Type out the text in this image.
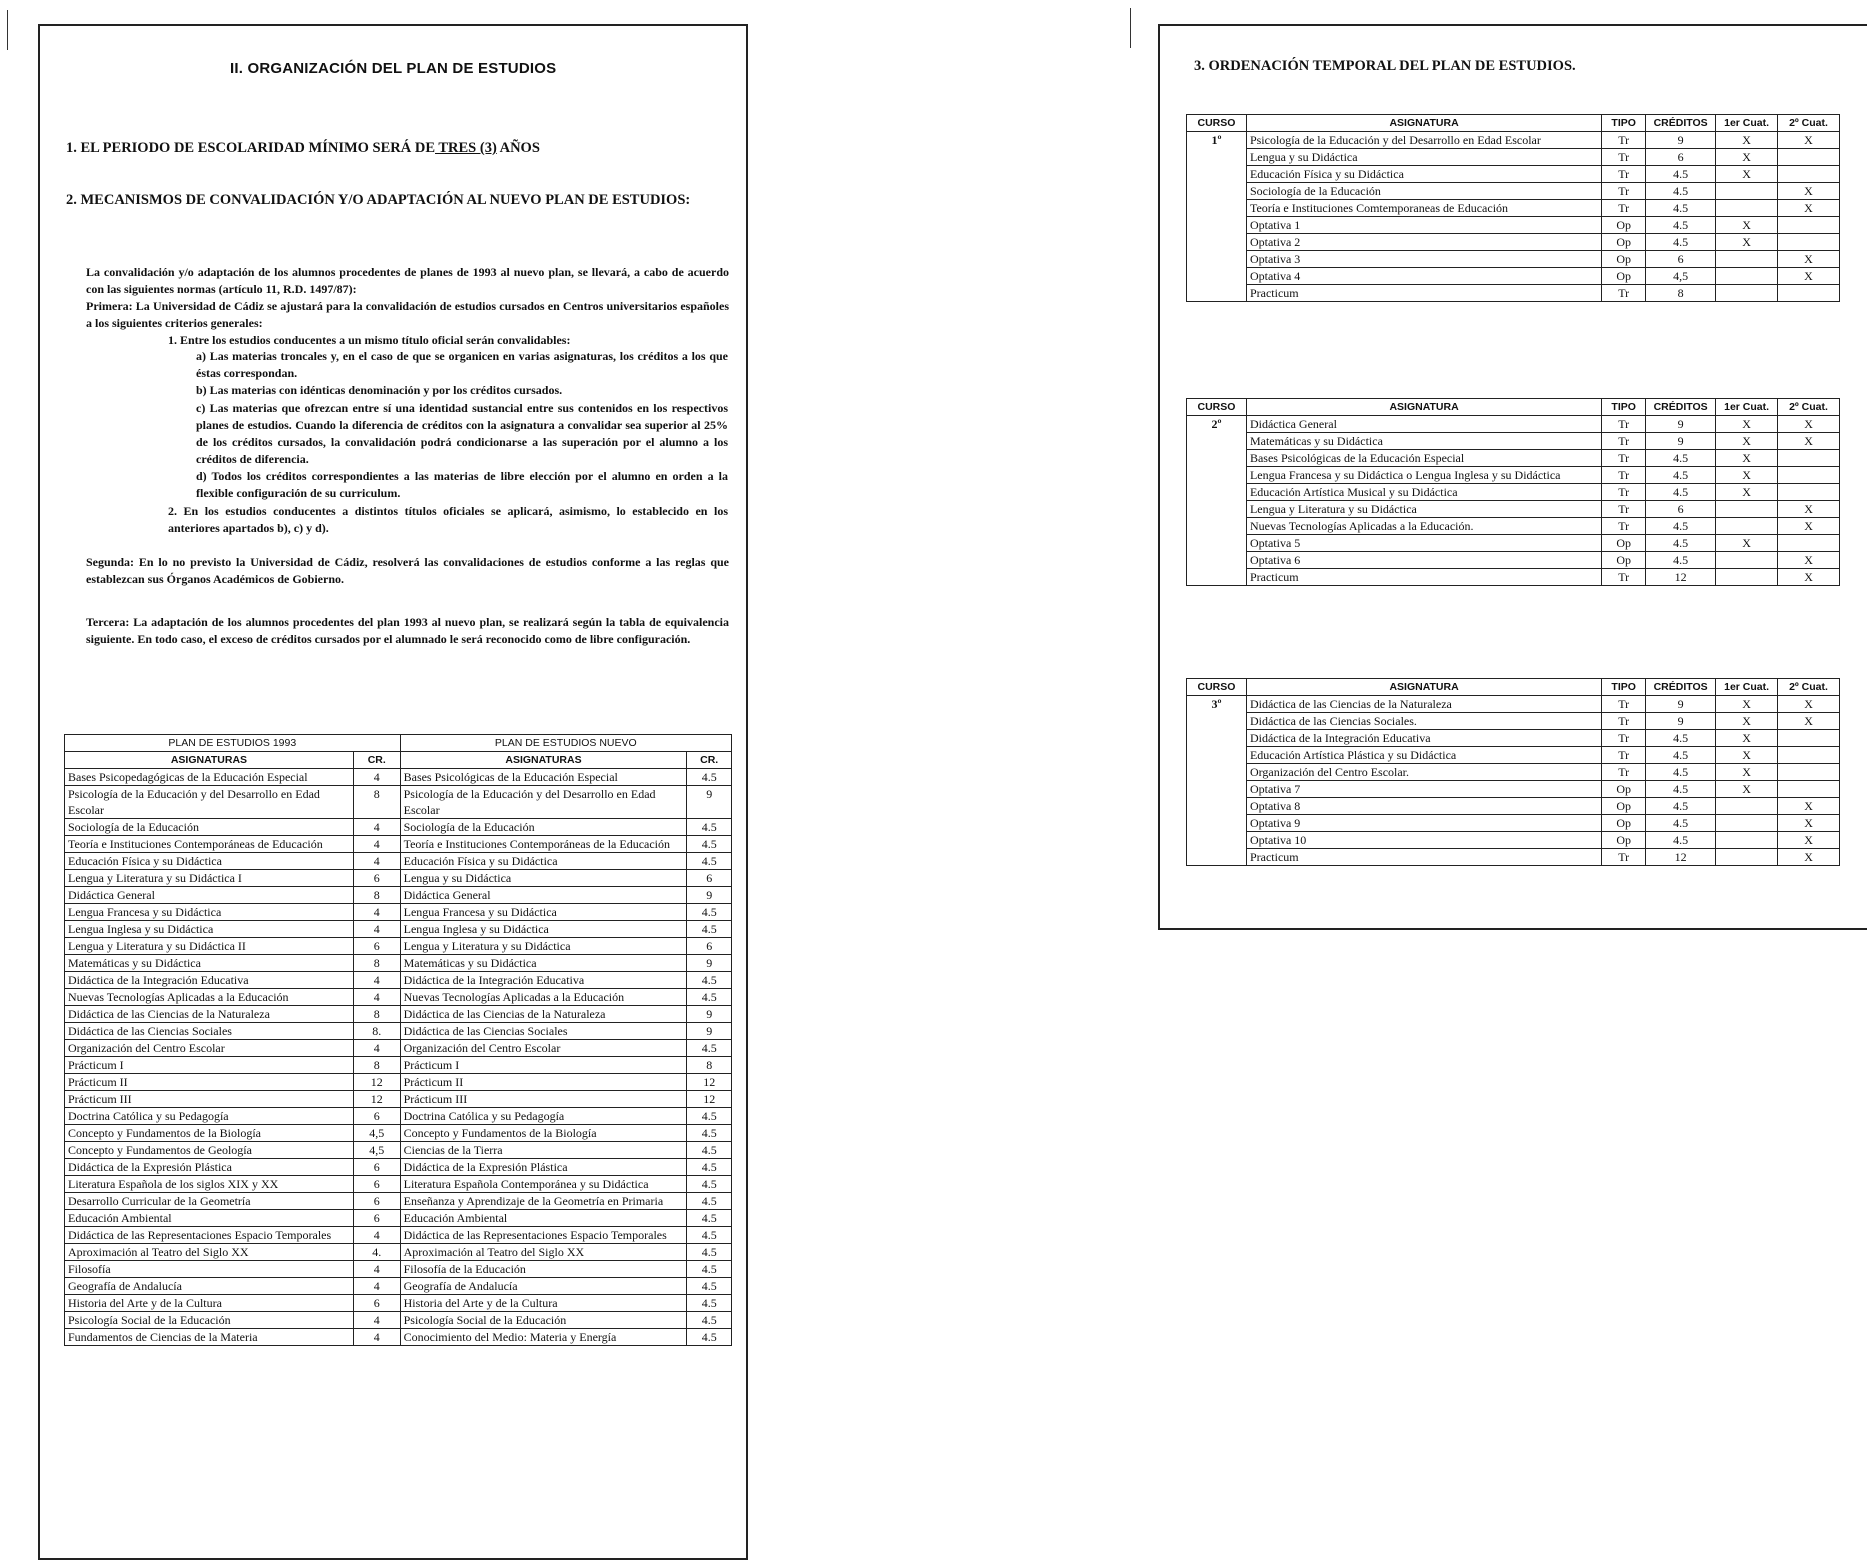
II. ORGANIZACIÓN DEL PLAN DE ESTUDIOS
1. EL PERIODO DE ESCOLARIDAD MÍNIMO SERÁ DE TRES (3) AÑOS
2. MECANISMOS DE CONVALIDACIÓN Y/O ADAPTACIÓN AL NUEVO PLAN DE ESTUDIOS:
La convalidación y/o adaptación de los alumnos procedentes de planes de 1993 al nuevo plan, se llevará, a cabo de acuerdo con las siguientes normas (artículo 11, R.D. 1497/87):
Primera: La Universidad de Cádiz se ajustará para la convalidación de estudios cursados en Centros universitarios españoles a los siguientes criterios generales:
1. Entre los estudios conducentes a un mismo título oficial serán convalidables:
a) Las materias troncales y, en el caso de que se organicen en varias asignaturas, los créditos a los que éstas correspondan.
b) Las materias con idénticas denominación y por los créditos cursados.
c) Las materias que ofrezcan entre sí una identidad sustancial entre sus contenidos en los respectivos planes de estudios. Cuando la diferencia de créditos con la asignatura a convalidar sea superior al 25% de los créditos cursados, la convalidación podrá condicionarse a las superación por el alumno a los créditos de diferencia.
d) Todos los créditos correspondientes a las materias de libre elección por el alumno en orden a la flexible configuración de su curriculum.
2. En los estudios conducentes a distintos títulos oficiales se aplicará, asimismo, lo establecido en los anteriores apartados b), c) y d).
Segunda: En lo no previsto la Universidad de Cádiz, resolverá las convalidaciones de estudios conforme a las reglas que establezcan sus Órganos Académicos de Gobierno.
Tercera: La adaptación de los alumnos procedentes del plan 1993 al nuevo plan, se realizará según la tabla de equivalencia siguiente. En todo caso, el exceso de créditos cursados por el alumnado le será reconocido como de libre configuración.
PLAN DE ESTUDIOS 1993		PLAN DE ESTUDIOS NUEVO	
ASIGNATURAS	CR.	ASIGNATURAS	CR.
Bases Psicopedagógicas de la Educación Especial	4	Bases Psicológicas de la Educación Especial	4.5
Psicología de la Educación y del Desarrollo en Edad Escolar	8	Psicología de la Educación y del Desarrollo en Edad Escolar	9
Sociología de la Educación	4	Sociología de la Educación	4.5
Teoría e Instituciones Contemporáneas de Educación	4	Teoría e Instituciones Contemporáneas de la Educación	4.5
Educación Física y su Didáctica	4	Educación Física y su Didáctica	4.5
Lengua y Literatura y su Didáctica I	6	Lengua y su Didáctica	6
Didáctica General	8	Didáctica General	9
Lengua Francesa y su Didáctica	4	Lengua Francesa y su Didáctica	4.5
Lengua Inglesa y su Didáctica	4	Lengua Inglesa y su Didáctica	4.5
Lengua y Literatura y su Didáctica II	6	Lengua y Literatura y su Didáctica	6
Matemáticas y su Didáctica	8	Matemáticas y su Didáctica	9
Didáctica de la Integración Educativa	4	Didáctica de la Integración Educativa	4.5
Nuevas Tecnologías Aplicadas a la Educación	4	Nuevas Tecnologías Aplicadas a la Educación	4.5
Didáctica de las Ciencias de la Naturaleza	8	Didáctica de las Ciencias de la Naturaleza	9
Didáctica de las Ciencias Sociales	8.	Didáctica de las Ciencias Sociales	9
Organización del Centro Escolar	4	Organización del Centro Escolar	4.5
Prácticum I	8	Prácticum I	8
Prácticum II	12	Prácticum II	12
Prácticum III	12	Prácticum III	12
Doctrina Católica y su Pedagogía	6	Doctrina Católica y su Pedagogía	4.5
Concepto y Fundamentos de la Biología	4,5	Concepto y Fundamentos de la Biología	4.5
Concepto y Fundamentos de Geología	4,5	Ciencias de la Tierra	4.5
Didáctica de la Expresión Plástica	6	Didáctica de la Expresión Plástica	4.5
Literatura Española de los siglos XIX y XX	6	Literatura Española Contemporánea y su Didáctica	4.5
Desarrollo Curricular de la Geometría	6	Enseñanza y Aprendizaje de la Geometría en Primaria	4.5
Educación Ambiental	6	Educación Ambiental	4.5
Didáctica de las Representaciones Espacio Temporales	4	Didáctica de las Representaciones Espacio Temporales	4.5
Aproximación al Teatro del Siglo XX	4.	Aproximación al Teatro del Siglo XX	4.5
Filosofía	4	Filosofía de la Educación	4.5
Geografía de Andalucía	4	Geografía de Andalucía	4.5
Historia del Arte y de la Cultura	6	Historia del Arte y de la Cultura	4.5
Psicología Social de la Educación	4	Psicología Social de la Educación	4.5
Fundamentos de Ciencias de la Materia	4	Conocimiento del Medio: Materia y Energía	4.5
3. ORDENACIÓN TEMPORAL DEL PLAN DE ESTUDIOS.
CURSO	ASIGNATURA	TIPO	CRÉDITOS	1er Cuat.	2º Cuat.
1º	Psicología de la Educación y del Desarrollo en Edad Escolar	Tr	9	X	X
	Lengua y su Didáctica	Tr	6	X	
	Educación Física y su Didáctica	Tr	4.5	X	
	Sociología de la Educación	Tr	4.5		X
	Teoría e Instituciones Comtemporaneas de Educación	Tr	4.5		X
	Optativa 1	Op	4.5	X	
	Optativa 2	Op	4.5	X	
	Optativa 3	Op	6		X
	Optativa 4	Op	4,5		X
	Practicum	Tr	8		
CURSO	ASIGNATURA	TIPO	CRÉDITOS	1er Cuat.	2º Cuat.
2º	Didáctica General	Tr	9	X	X
	Matemáticas y su Didáctica	Tr	9	X	X
	Bases Psicológicas de la Educación Especial	Tr	4.5	X	
	Lengua Francesa y su Didáctica o Lengua Inglesa y su Didáctica	Tr	4.5	X	
	Educación Artística Musical y su Didáctica	Tr	4.5	X	
	Lengua y Literatura y su Didáctica	Tr	6		X
	Nuevas Tecnologías Aplicadas a la Educación.	Tr	4.5		X
	Optativa 5	Op	4.5	X	
	Optativa 6	Op	4.5		X
	Practicum	Tr	12		X
CURSO	ASIGNATURA	TIPO	CRÉDITOS	1er Cuat.	2º Cuat.
3º	Didáctica de las Ciencias de la Naturaleza	Tr	9	X	X
	Didáctica de las Ciencias Sociales.	Tr	9	X	X
	Didáctica de la Integración Educativa	Tr	4.5	X	
	Educación Artística Plástica y su Didáctica	Tr	4.5	X	
	Organización del Centro Escolar.	Tr	4.5	X	
	Optativa 7	Op	4.5	X	
	Optativa 8	Op	4.5		X
	Optativa 9	Op	4.5		X
	Optativa 10	Op	4.5		X
	Practicum	Tr	12		X
